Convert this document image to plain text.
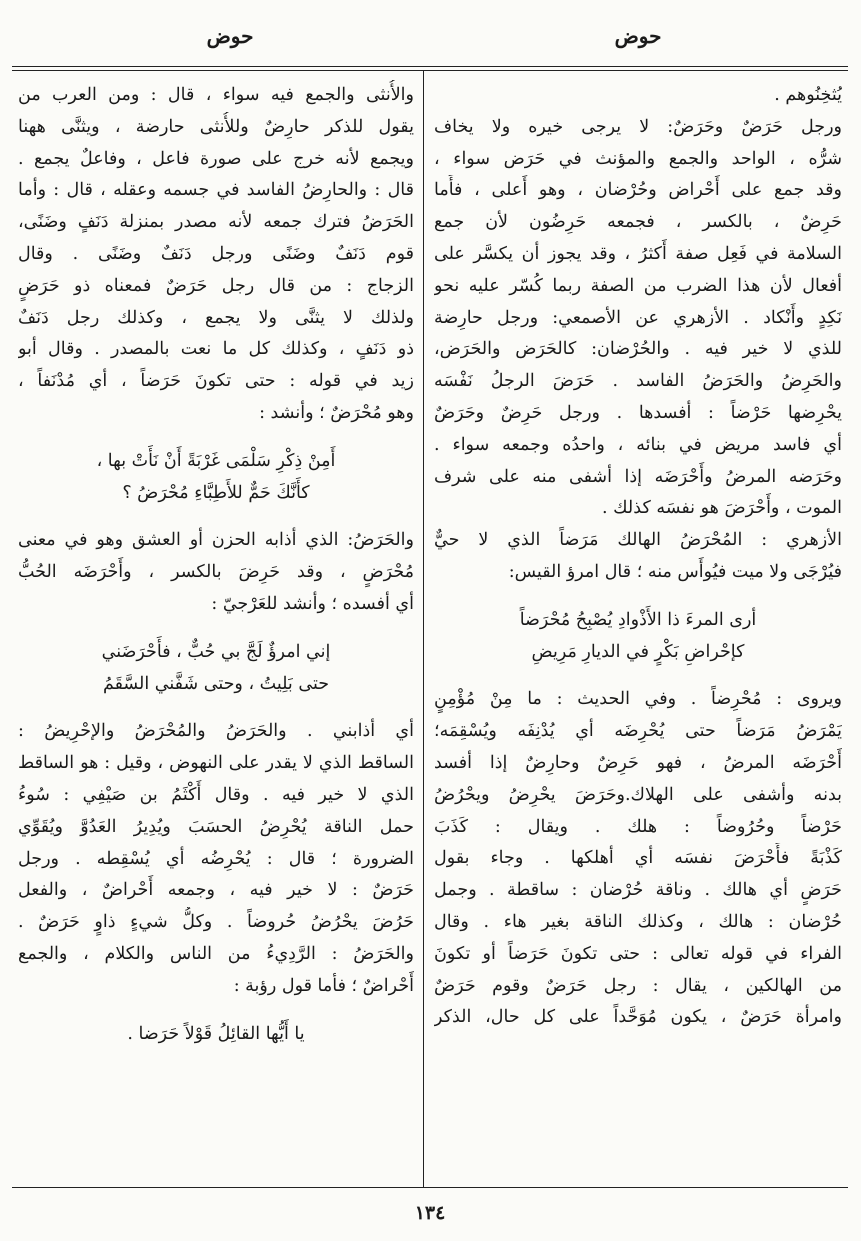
حوض
حوض
يُثخِنُوهم .
ورجل حَرَضٌ وحَرَضٌ: لا يرجى خيره ولا يخاف
شرُّه ، الواحد والجمع والمؤنث في حَرَض سواء ،
وقد جمع على أَحْراض وحُرْضان ، وهو أَعلى ، فأَما
حَرِضٌ ، بالكسر ، فجمعه حَرِضُون لأن جمع
السلامة في فَعِل صفة أَكثرُ ، وقد يجوز أن يكسَّر على
أفعال لأن هذا الضرب من الصفة ربما كُسّر عليه نحو
نَكِدٍ وأَنْكاد . الأزهري عن الأصمعي: ورجل حارِضة
للذي لا خير فيه . والحُرْضان: كالحَرَض والحَرَض،
والحَرِضُ والحَرَضُ الفاسد . حَرَضَ الرجلُ نَفْسَه
يحْرِضها حَرْضاً : أفسدها . ورجل حَرِضٌ وحَرَضٌ
أي فاسد مريض في بنائه ، واحدُه وجمعه سواء .
وحَرَضه المرضُ وأَحْرَضَه إذا أشفى منه على شرف
الموت ، وأَحْرَضَ هو نفسَه كذلك .
الأزهري : المُحْرَضُ الهالك مَرَضاً الذي لا حيٌّ
فيُرْجَى ولا ميت فيُوأَس منه ؛ قال امرؤ القيس:
أرى المرءَ ذا الأَذْوادِ يُصْبِحُ مُحْرَضاً
كإحْراضِ بَكْرٍ في الديارِ مَرِيضِ
ويروى : مُحْرِضاً . وفي الحديث : ما مِنْ مُؤْمِنٍ
يَمْرَضُ مَرَضاً حتى يُحْرِضَه أي يُدْنِفَه ويُسْقِمَه؛
أَحْرَضَه المرضُ ، فهو حَرِضٌ وحارِضٌ إذا أفسد
بدنه وأشفى على الهلاك.وحَرَضَ يحْرِضُ ويحْرُضُ
حَرْضاً وحُرُوضاً : هلك . ويقال : كَذَبَ
كَذْبَةً فأَحْرَضَ نفسَه أي أهلكها . وجاء بقول
حَرَضٍ أي هالك . وناقة حُرْضان : ساقطة . وجمل
حُرْضان : هالك ، وكذلك الناقة بغير هاء . وقال
الفراء في قوله تعالى : حتى تكونَ حَرَضاً أو تكونَ
من الهالكين ، يقال : رجل حَرَضٌ وقوم حَرَضٌ
وامرأة حَرَضٌ ، يكون مُوَحَّداً على كل حال، الذكر
والأُنثى والجمع فيه سواء ، قال : ومن العرب من
يقول للذكر حارِضٌ وللأُنثى حارضة ، ويثنَّى ههنا
ويجمع لأنه خرج على صورة فاعل ، وفاعلٌ يجمع .
قال : والحارِضُ الفاسد في جسمه وعقله ، قال : وأما
الحَرَضُ فترك جمعه لأنه مصدر بمنزلة دَنَفٍ وضَنًى،
قوم دَنَفٌ وضَنًى ورجل دَنَفٌ وضَنًى . وقال
الزجاج : من قال رجل حَرَضٌ فمعناه ذو حَرَضٍ
ولذلك لا يثنَّى ولا يجمع ، وكذلك رجل دَنَفٌ
ذو دَنَفٍ ، وكذلك كل ما نعت بالمصدر . وقال أبو
زيد في قوله : حتى تكونَ حَرَضاً ، أي مُدْنَفاً ،
وهو مُحْرَضٌ ؛ وأنشد :
أَمِنْ ذِكْرِ سَلْمَى غَرْبَةً أَنْ نَأَتْ بها ،
كأَنَّكَ حَمٌّ للأَطِبَّاءِ مُحْرَضُ ؟
والحَرَضُ: الذي أذابه الحزن أو العشق وهو في معنى
مُحْرَضٍ ، وقد حَرِضَ بالكسر ، وأَحْرَضَه الحُبُّ
أي أفسده ؛ وأنشد للعَرْجيّ :
إني امرؤٌ لَجَّ بي حُبٌّ ، فأَحْرَضَني
حتى بَلِيتُ ، وحتى شَفَّني السَّقَمُ
أي أذابني . والحَرَضُ والمُحْرَضُ والإحْرِيضُ :
الساقط الذي لا يقدر على النهوض ، وقيل : هو الساقط
الذي لا خير فيه . وقال أَكْثَمُ بن صَيْفِي : سُوءُ
حمل الناقة يُحْرِضُ الحسَبَ ويُدِيرُ العَدُوَّ ويُقَوِّي
الضرورة ؛ قال : يُحْرِضُه أي يُسْقِطه . ورجل
حَرَضٌ : لا خير فيه ، وجمعه أَحْراضٌ ، والفعل
حَرُضَ يحْرُضُ حُروضاً . وكلُّ شيءٍ ذاوٍ حَرَضٌ .
والحَرَضُ : الرَّدِيءُ من الناس والكلام ، والجمع
أَحْراضٌ ؛ فأما قول رؤبة :
يا أَيُّها القائِلُ قَوْلاً حَرَضا .
١٣٤
